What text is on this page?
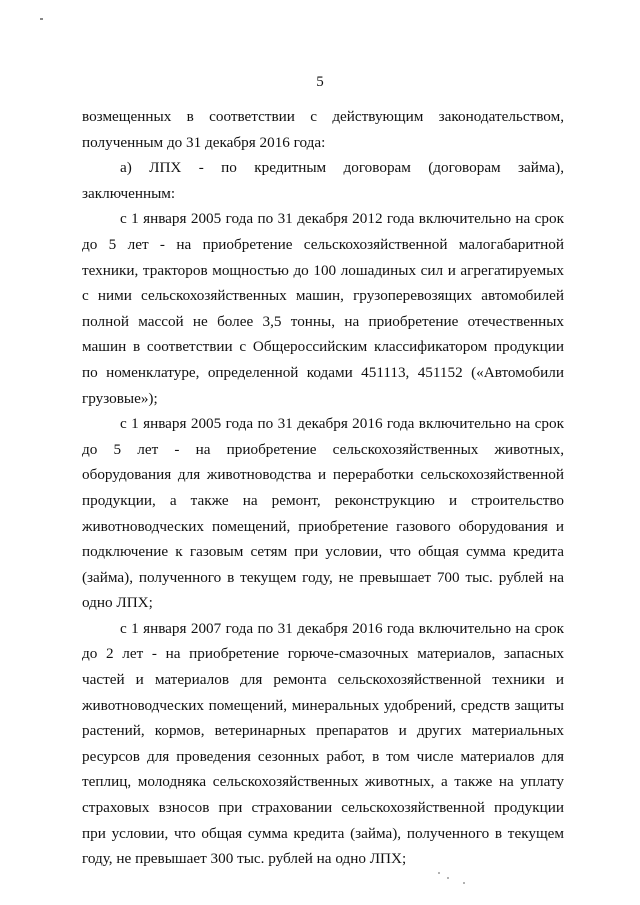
5

возмещенных в соответствии с действующим законодательством, полученным до 31 декабря 2016 года:

а) ЛПХ - по кредитным договорам (договорам займа), заключенным:

с 1 января 2005 года по 31 декабря 2012 года включительно на срок до 5 лет - на приобретение сельскохозяйственной малогабаритной техники, тракторов мощностью до 100 лошадиных сил и агрегатируемых с ними сельскохозяйственных машин, грузоперевозящих автомобилей полной массой не более 3,5 тонны, на приобретение отечественных машин в соответствии с Общероссийским классификатором продукции по номенклатуре, определенной кодами 451113, 451152 («Автомобили грузовые»);

с 1 января 2005 года по 31 декабря 2016 года включительно на срок до 5 лет - на приобретение сельскохозяйственных животных, оборудования для животноводства и переработки сельскохозяйственной продукции, а также на ремонт, реконструкцию и строительство животноводческих помещений, приобретение газового оборудования и подключение к газовым сетям при условии, что общая сумма кредита (займа), полученного в текущем году, не превышает 700 тыс. рублей на одно ЛПХ;

с 1 января 2007 года по 31 декабря 2016 года включительно на срок до 2 лет - на приобретение горюче-смазочных материалов, запасных частей и материалов для ремонта сельскохозяйственной техники и животноводческих помещений, минеральных удобрений, средств защиты растений, кормов, ветеринарных препаратов и других материальных ресурсов для проведения сезонных работ, в том числе материалов для теплиц, молодняка сельскохозяйственных животных, а также на уплату страховых взносов при страховании сельскохозяйственной продукции при условии, что общая сумма кредита (займа), полученного в текущем году, не превышает 300 тыс. рублей на одно ЛПХ;
